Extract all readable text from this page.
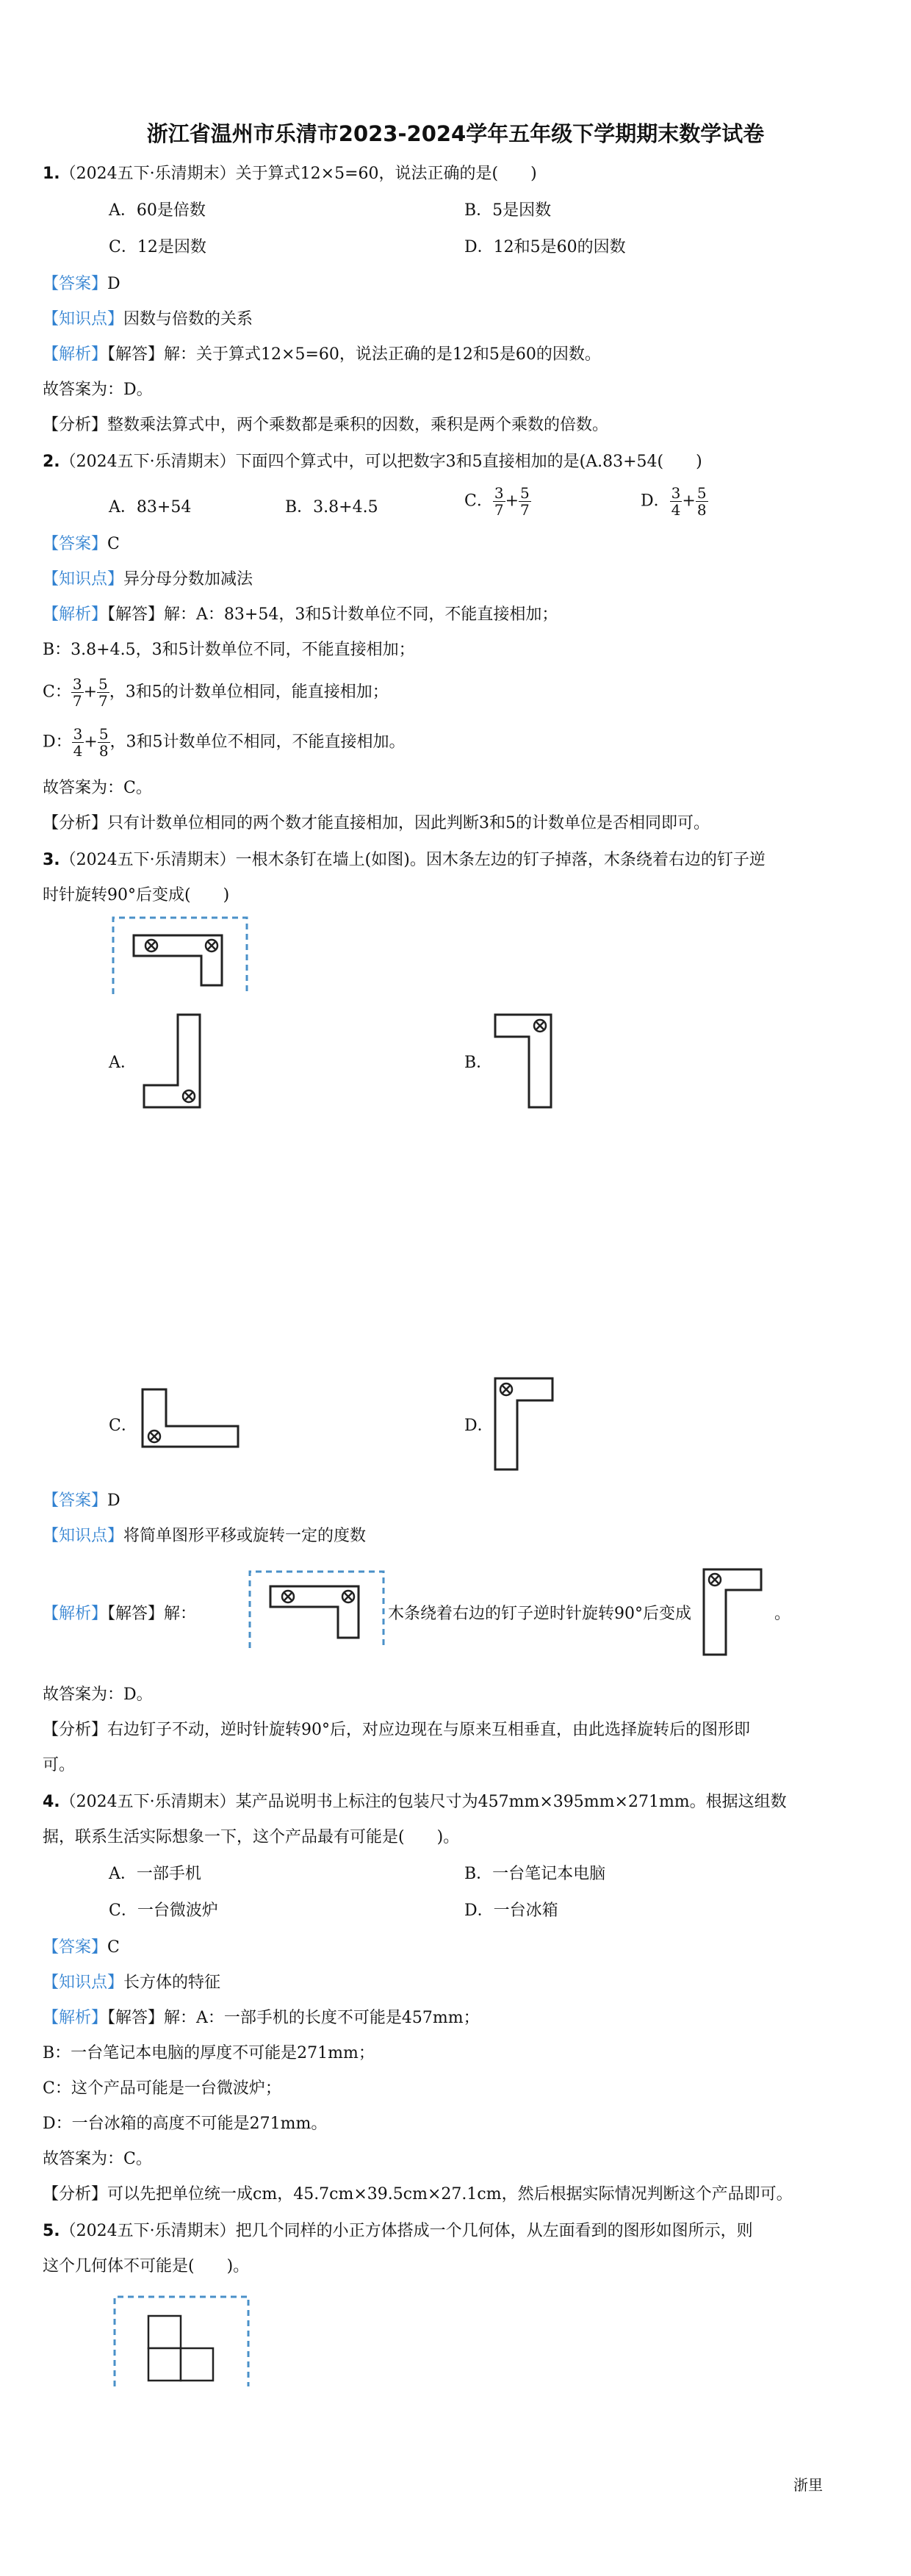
浙江省温州市乐清市2023-2024学年五年级下学期期末数学试卷
1.（2024五下·乐清期末）关于算式12×5=60，说法正确的是(　　)
A．60是倍数	B．5是因数
C．12是因数	D．12和5是60的因数
【答案】D
【知识点】因数与倍数的关系
【解析】【解答】解：关于算式12×5=60，说法正确的是12和5是60的因数。
故答案为：D。
【分析】整数乘法算式中，两个乘数都是乘积的因数，乘积是两个乘数的倍数。
2.（2024五下·乐清期末）下面四个算式中，可以把数字3和5直接相加的是(A.83+54(　　)
A．83+54	B．3.8+4.5	C． $\frac{3}{7} + \frac{5}{7}$	D． $\frac{3}{4} + \frac{5}{8}$
【答案】C
【知识点】异分母分数加减法
【解析】【解答】解：A：83+54，3和5计数单位不同，不能直接相加；
B：3.8+4.5，3和5计数单位不同，不能直接相加；
C： $\frac{3}{7} + \frac{5}{7}$ ，3和5的计数单位相同，能直接相加；
D： $\frac{3}{4} + \frac{5}{8}$ ，3和5计数单位不相同，不能直接相加。
故答案为：C。
【分析】只有计数单位相同的两个数才能直接相加，因此判断3和5的计数单位是否相同即可。
3.（2024五下·乐清期末）一根木条钉在墙上(如图)。因木条左边的钉子掉落，木条绕着右边的钉子逆
时针旋转90°后变成(　　)
A．	B．
C．	D．
【答案】D
【知识点】将简单图形平移或旋转一定的度数
【解析】【解答】解：	木条绕着右边的钉子逆时针旋转90°后变成	。
故答案为：D。
【分析】右边钉子不动，逆时针旋转90°后，对应边现在与原来互相垂直，由此选择旋转后的图形即
可。
4.（2024五下·乐清期末）某产品说明书上标注的包装尺寸为457mm×395mm×271mm。根据这组数
据，联系生活实际想象一下，这个产品最有可能是(　　)。
A．一部手机	B．一台笔记本电脑
C．一台微波炉	D．一台冰箱
【答案】C
【知识点】长方体的特征
【解析】【解答】解：A：一部手机的长度不可能是457mm；
B：一台笔记本电脑的厚度不可能是271mm；
C：这个产品可能是一台微波炉；
D：一台冰箱的高度不可能是271mm。
故答案为：C。
【分析】可以先把单位统一成cm，45.7cm×39.5cm×27.1cm，然后根据实际情况判断这个产品即可。
5.（2024五下·乐清期末）把几个同样的小正方体搭成一个几何体，从左面看到的图形如图所示，则
这个几何体不可能是(　　)。
浙里
